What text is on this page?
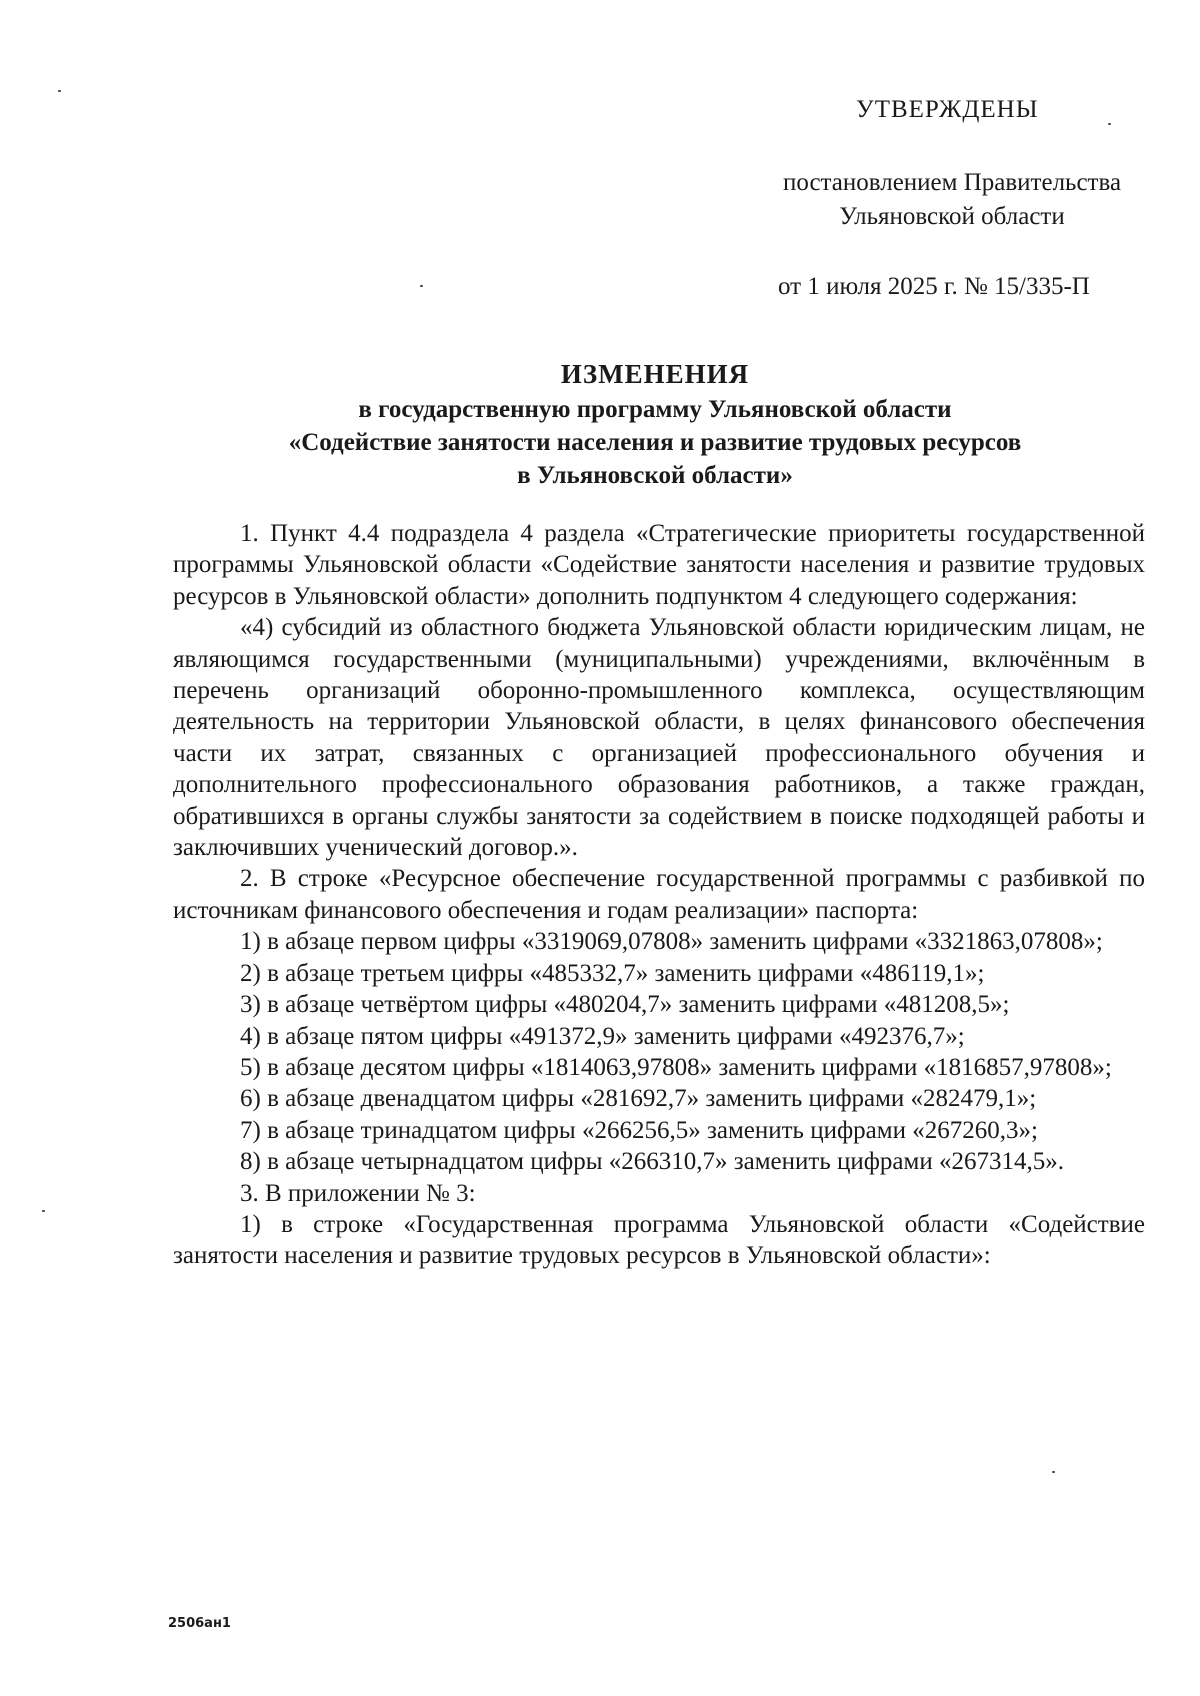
УТВЕРЖДЕНЫ
постановлением Правительства
Ульяновской области
от 1 июля 2025 г. № 15/335-П
ИЗМЕНЕНИЯ
в государственную программу Ульяновской области
«Содействие занятости населения и развитие трудовых ресурсов
в Ульяновской области»

1. Пункт 4.4 подраздела 4 раздела «Стратегические приоритеты государственной программы Ульяновской области «Содействие занятости населения и развитие трудовых ресурсов в Ульяновской области» дополнить подпунктом 4 следующего содержания:

«4) субсидий из областного бюджета Ульяновской области юридическим лицам, не являющимся государственными (муниципальными) учреждениями, включённым в перечень организаций оборонно-промышленного комплекса, осуществляющим деятельность на территории Ульяновской области, в целях финансового обеспечения части их затрат, связанных с организацией профессионального обучения и дополнительного профессионального образования работников, а также граждан, обратившихся в органы службы занятости за содействием в поиске подходящей работы и заключивших ученический договор.».

2. В строке «Ресурсное обеспечение государственной программы с разбивкой по источникам финансового обеспечения и годам реализации» паспорта:

1) в абзаце первом цифры «3319069,07808» заменить цифрами «3321863,07808»;

2) в абзаце третьем цифры «485332,7» заменить цифрами «486119,1»;

3) в абзаце четвёртом цифры «480204,7» заменить цифрами «481208,5»;

4) в абзаце пятом цифры «491372,9» заменить цифрами «492376,7»;

5) в абзаце десятом цифры «1814063,97808» заменить цифрами «1816857,97808»;

6) в абзаце двенадцатом цифры «281692,7» заменить цифрами «282479,1»;

7) в абзаце тринадцатом цифры «266256,5» заменить цифрами «267260,3»;

8) в абзаце четырнадцатом цифры «266310,7» заменить цифрами «267314,5».

3. В приложении № 3:

1) в строке «Государственная программа Ульяновской области «Содействие занятости населения и развитие трудовых ресурсов в Ульяновской области»:

2506ан1
